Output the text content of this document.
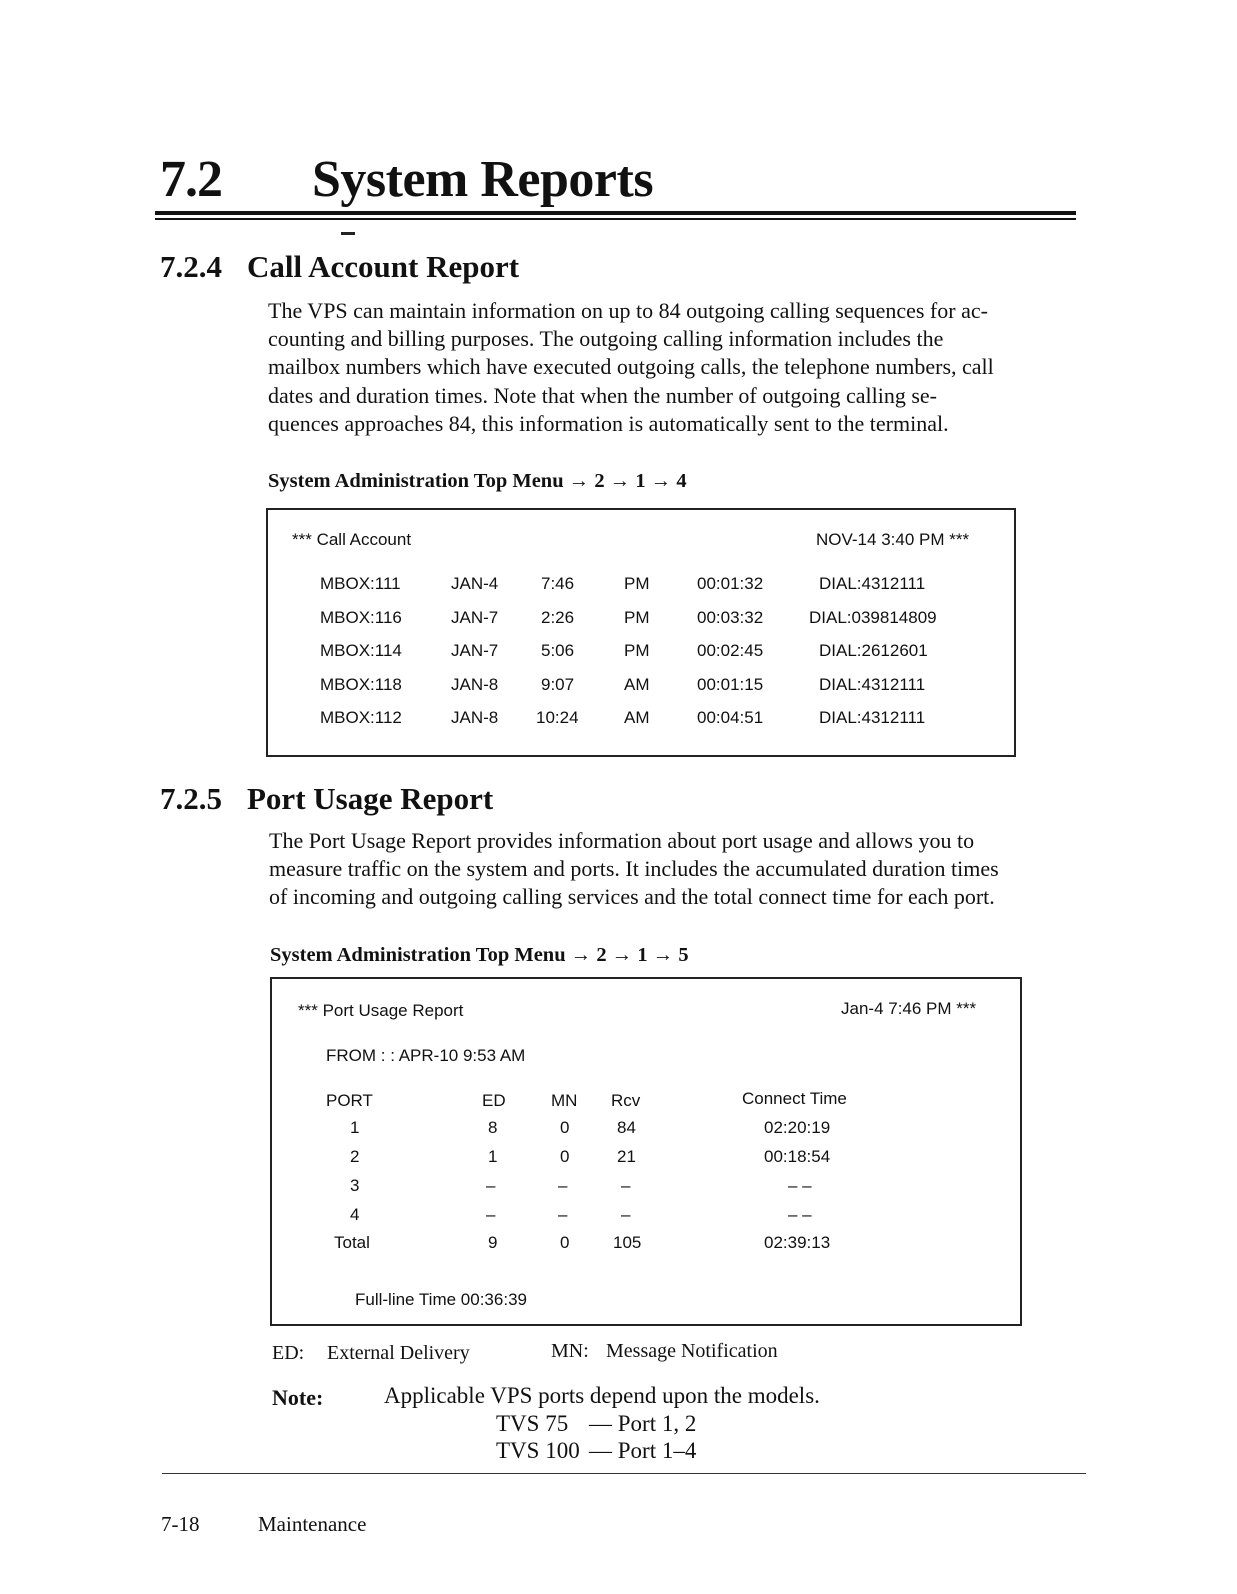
7.2 System Reports
7.2.4 Call Account Report

The VPS can maintain information on up to 84 outgoing calling sequences for ac-

counting and billing purposes. The outgoing calling information includes the

mailbox numbers which have executed outgoing calls, the telephone numbers, call

dates and duration times. Note that when the number of outgoing calling se-

quences approaches 84, this information is automatically sent to the terminal.

System Administration Top Menu → 2 → 1 → 4
*** Call Account	NOV-14 3:40 PM ***
MBOX:111	JAN-4	7:46	PM	00:01:32	DIAL:4312111
MBOX:116	JAN-7	2:26	PM	00:03:32	DIAL:039814809
MBOX:114	JAN-7	5:06	PM	00:02:45	DIAL:2612601
MBOX:118	JAN-8	9:07	AM	00:01:15	DIAL:4312111
MBOX:112	JAN-8 10:24	AM	00:04:51	DIAL:4312111
7.2.5 Port Usage Report

The Port Usage Report provides information about port usage and allows you to

measure traffic on the system and ports. It includes the accumulated duration times

of incoming and outgoing calling services and the total connect time for each port.

System Administration Top Menu → 2 → 1 → 5
*** Port Usage Report	Jan-4 7:46 PM ***
FROM : : APR-10 9:53 AM
PORT	ED	MN Rcv	Connect Time
1	8	0	84	02:20:19
2	1	0	21	00:18:54
3	–	–	–	– –
4	–	–	–	– –
Total	9	0	105	02:39:13
Full-line Time 00:36:39
ED: External Delivery	MN: Message Notification
Note:	Applicable VPS ports depend upon the models.
TVS 75 — Port 1, 2
TVS 100 — Port 1–4
7-18	Maintenance
